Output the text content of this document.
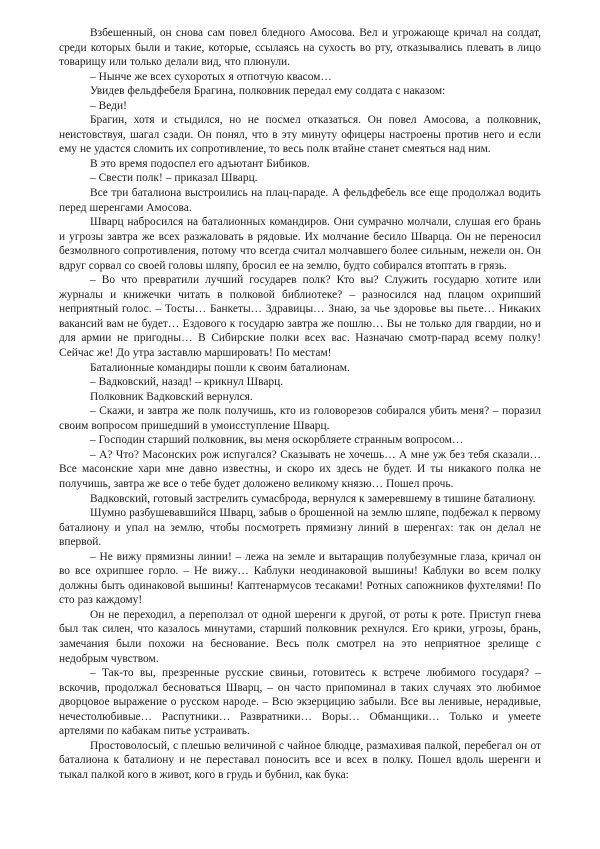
Взбешенный, он снова сам повел бледного Амосова. Вел и угрожающе кричал на солдат, среди которых были и такие, которые, ссылаясь на сухость во рту, отказывались плевать в лицо товарищу или только делали вид, что плюнули.

– Нынче же всех сухоротых я отпотчую квасом…

Увидев фельдфебеля Брагина, полковник передал ему солдата с наказом:

– Веди!

Брагин, хотя и стыдился, но не посмел отказаться. Он повел Амосова, а полковник, неистовствуя, шагал сзади. Он понял, что в эту минуту офицеры настроены против него и если ему не удастся сломить их сопротивление, то весь полк втайне станет смеяться над ним.

В это время подоспел его адъютант Бибиков.

– Свести полк! – приказал Шварц.

Все три баталиона выстроились на плац-параде. А фельдфебель все еще продолжал водить перед шеренгами Амосова.

Шварц набросился на баталионных командиров. Они сумрачно молчали, слушая его брань и угрозы завтра же всех разжаловать в рядовые. Их молчание бесило Шварца. Он не переносил безмолвного сопротивления, потому что всегда считал молчавшего более сильным, нежели он. Он вдруг сорвал со своей головы шляпу, бросил ее на землю, будто собирался втоптать в грязь.

– Во что превратили лучший государев полк? Кто вы? Служить государю хотите или журналы и книжечки читать в полковой библиотеке? – разносился над плацом охрипший неприятный голос. – Тосты… Банкеты… Здравицы… Знаю, за чье здоровье вы пьете… Никаких вакансий вам не будет… Ездового к государю завтра же пошлю… Вы не только для гвардии, но и для армии не пригодны… В Сибирские полки всех вас. Назначаю смотр-парад всему полку! Сейчас же! До утра заставлю маршировать! По местам!

Баталионные командиры пошли к своим баталионам.

– Вадковский, назад! – крикнул Шварц.

Полковник Вадковский вернулся.

– Скажи, и завтра же полк получишь, кто из головорезов собирался убить меня? – поразил своим вопросом пришедший в умоисступление Шварц.

– Господин старший полковник, вы меня оскорбляете странным вопросом…

– А? Что? Масонских рож испугался? Сказывать не хочешь… А мне уж без тебя сказали… Все масонские хари мне давно известны, и скоро их здесь не будет. И ты никакого полка не получишь, завтра же все о тебе будет доложено великому князю… Пошел прочь.

Вадковский, готовый застрелить сумасброда, вернулся к замеревшему в тишине баталиону.

Шумно разбушевавшийся Шварц, забыв о брошенной на землю шляпе, подбежал к первому баталиону и упал на землю, чтобы посмотреть прямизну линий в шеренгах: так он делал не впервой.

– Не вижу прямизны линии! – лежа на земле и вытаращив полубезумные глаза, кричал он во все охрипшее горло. – Не вижу… Каблуки неодинаковой вышины! Каблуки во всем полку должны быть одинаковой вышины! Каптенармусов тесаками! Ротных сапожников фухтелями! По сто раз каждому!

Он не переходил, а переползал от одной шеренги к другой, от роты к роте. Приступ гнева был так силен, что казалось минутами, старший полковник рехнулся. Его крики, угрозы, брань, замечания были похожи на беснование. Весь полк смотрел на это неприятное зрелище с недобрым чувством.

– Так-то вы, презренные русские свиньи, готовитесь к встрече любимого государя? – вскочив, продолжал бесноваться Шварц, – он часто припоминал в таких случаях это любимое дворцовое выражение о русском народе. – Всю экзерцицию забыли. Все вы ленивые, нерадивые, нечестолюбивые… Распутники… Развратники… Воры… Обманщики… Только и умеете артелями по кабакам питье устраивать.

Простоволосый, с плешью величиной с чайное блюдце, размахивая палкой, перебегал он от баталиона к баталиону и не переставал поносить все и всех в полку. Пошел вдоль шеренги и тыкал палкой кого в живот, кого в грудь и бубнил, как бука:
